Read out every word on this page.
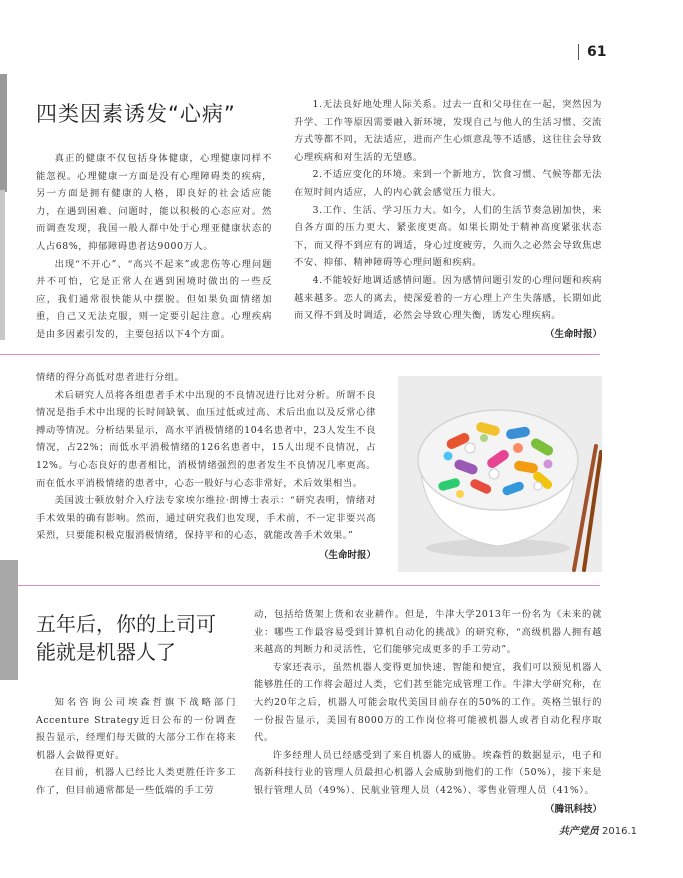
61
四类因素诱发“心病”

真正的健康不仅包括身体健康，心理健康同样不能忽视。心理健康一方面是没有心理障碍类的疾病，另一方面是拥有健康的人格，即良好的社会适应能力，在遇到困难、问题时，能以积极的心态应对。然而调查发现，我国一般人群中处于心理亚健康状态的人占68%，抑郁障碍患者达9000万人。

出现“不开心”、“高兴不起来”或悲伤等心理问题并不可怕，它是正常人在遇到困境时做出的一些反应，我们通常很快能从中摆脱。但如果负面情绪加重，自己又无法克服，则一定要引起注意。心理疾病是由多因素引发的，主要包括以下4个方面。

1.无法良好地处理人际关系。过去一直和父母住在一起，突然因为升学、工作等原因需要融入新环境，发现自己与他人的生活习惯、交流方式等都不同，无法适应，进而产生心烦意乱等不适感，这往往会导致心理疾病和对生活的无望感。

2.不适应变化的环境。来到一个新地方，饮食习惯、气候等都无法在短时间内适应，人的内心就会感觉压力很大。

3.工作、生活、学习压力大。如今，人们的生活节奏急剧加快，来自各方面的压力更大、紧张度更高。如果长期处于精神高度紧张状态下，而又得不到应有的调适，身心过度疲劳，久而久之必然会导致焦虑不安、抑郁、精神障碍等心理问题和疾病。

4.不能较好地调适感情问题。因为感情问题引发的心理问题和疾病越来越多。恋人的离去，使深爱着的一方心理上产生失落感，长期如此而又得不到及时调适，必然会导致心理失衡，诱发心理疾病。

（生命时报）

情绪的得分高低对患者进行分组。

术后研究人员将各组患者手术中出现的不良情况进行比对分析。所谓不良情况是指手术中出现的长时间缺氧、血压过低或过高、术后出血以及反常心律搏动等情况。分析结果显示，高水平消极情绪的104名患者中，23人发生不良情况，占22%；而低水平消极情绪的126名患者中，15人出现不良情况，占12%。与心态良好的患者相比，消极情绪强烈的患者发生不良情况几率更高。而在低水平消极情绪的患者中，心态一般好与心态非常好，术后效果相当。

美国波士顿放射介入疗法专家埃尔维拉·朗博士表示：“研究表明，情绪对手术效果的确有影响。然而，通过研究我们也发现，手术前，不一定非要兴高采烈，只要能积极克服消极情绪，保持平和的心态，就能改善手术效果。”

（生命时报）
五年后，你的上司可
能就是机器人了

知名咨询公司埃森哲旗下战略部门Accenture Strategy近日公布的一份调查报告显示，经理们每天做的大部分工作在将来机器人会做得更好。

在目前，机器人已经比人类更胜任许多工作了，但目前通常都是一些低端的手工劳

动，包括给货架上货和农业耕作。但是，牛津大学2013年一份名为《未来的就业：哪些工作最容易受到计算机自动化的挑战》的研究称，“高级机器人拥有越来越高的判断力和灵活性，它们能够完成更多的手工劳动”。

专家还表示，虽然机器人变得更加快速、智能和便宜，我们可以预见机器人能够胜任的工作将会超过人类，它们甚至能完成管理工作。牛津大学研究称，在大约20年之后，机器人可能会取代美国目前存在的50%的工作。英格兰银行的一份报告显示，美国有8000万的工作岗位将可能被机器人或者自动化程序取代。

许多经理人员已经感受到了来自机器人的威胁。埃森哲的数据显示，电子和高新科技行业的管理人员最担心机器人会威胁到他们的工作（50%），接下来是银行管理人员（49%）、民航业管理人员（42%）、零售业管理人员（41%）。

（腾讯科技）
共产党员 2016.1
